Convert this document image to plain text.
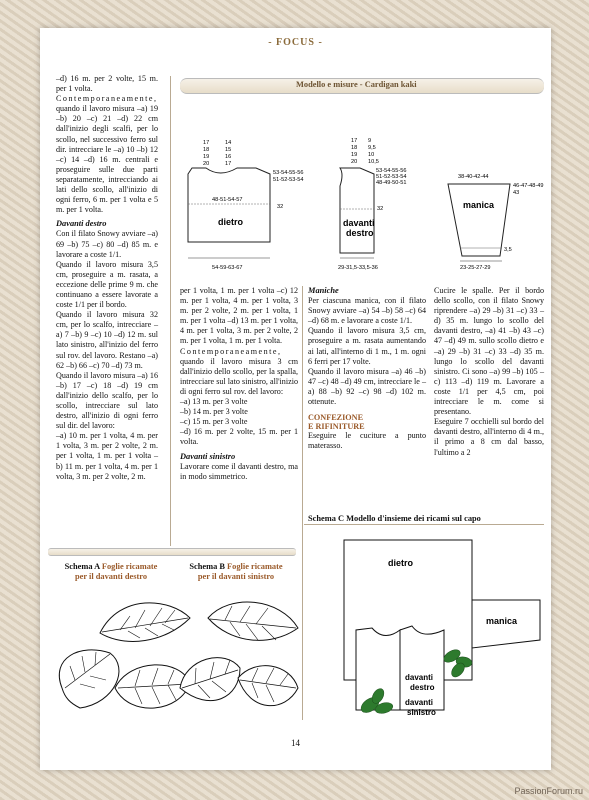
- FOCUS -

–d) 16 m. per 2 volte, 15 m. per 1 volta.

Contemporaneamente, quando il lavoro misura –a) 19 –b) 20 –c) 21 –d) 22 cm dall'inizio degli scalfi, per lo scollo, nel successivo ferro sul dir. intrecciare le –a) 10 –b) 12 –c) 14 –d) 16 m. centrali e proseguire sulle due parti separatamente, intrecciando ai lati dello scollo, all'inizio di ogni ferro, 6 m. per 1 volta e 5 m. per 1 volta.

Davanti destro

Con il filato Snowy avviare –a) 69 –b) 75 –c) 80 –d) 85 m. e lavorare a coste 1/1.

Quando il lavoro misura 3,5 cm, proseguire a m. rasata, a eccezione delle prime 9 m. che continuano a essere lavorate a coste 1/1 per il bordo.

Quando il lavoro misura 32 cm, per lo scalfo, intrecciare –a) 7 –b) 9 –c) 10 –d) 12 m. sul lato sinistro, all'inizio del ferro sul rov. del lavoro. Restano –a) 62 –b) 66 –c) 70 –d) 73 m.

Quando il lavoro misura –a) 16 –b) 17 –c) 18 –d) 19 cm dall'inizio dello scalfo, per lo scollo, intrecciare sul lato destro, all'inizio di ogni ferro sul dir. del lavoro:

–a) 10 m. per 1 volta, 4 m. per 1 volta, 3 m. per 2 volte, 2 m. per 1 volta, 1 m. per 1 volta –b) 11 m. per 1 volta, 4 m. per 1 volta, 3 m. per 2 volte, 2 m.

Modello e misure - Cardigan kaki
dietro
48-51-54-57
32
53-54-55-56
51-52-53-54
54-59-63-67
17
18
19
20
14
15
16
17
davanti
destro
32
53-54-55-56
51-52-53-54
48-49-50-51
29-31,5-33,5-36
17
18
19
20
9
9,5
10
10,5
manica
38-40-42-44
46-47-48-49
43
3,5
23-25-27-29

per 1 volta, 1 m. per 1 volta –c) 12 m. per 1 volta, 4 m. per 1 volta, 3 m. per 2 volte, 2 m. per 1 volta, 1 m. per 1 volta –d) 13 m. per 1 volta, 4 m. per 1 volta, 3 m. per 2 volte, 2 m. per 1 volta, 1 m. per 1 volta.

Contemporaneamente, quando il lavoro misura 3 cm dall'inizio dello scollo, per la spalla, intrecciare sul lato sinistro, all'inizio di ogni ferro sul rov. del lavoro:

–a) 13 m. per 3 volte

–b) 14 m. per 3 volte

–c) 15 m. per 3 volte

–d) 16 m. per 2 volte, 15 m. per 1 volta.

Davanti sinistro

Lavorare come il davanti destro, ma in modo simmetrico.

Maniche

Per ciascuna manica, con il filato Snowy avviare –a) 54 –b) 58 –c) 64 –d) 68 m. e lavorare a coste 1/1.

Quando il lavoro misura 3,5 cm, proseguire a m. rasata aumentando ai lati, all'interno di 1 m., 1 m. ogni 6 ferri per 17 volte.

Quando il lavoro misura –a) 46 –b) 47 –c) 48 –d) 49 cm, intrecciare le –a) 88 –b) 92 –c) 98 –d) 102 m. ottenute.

CONFEZIONE
E RIFINITURE

Eseguire le cuciture a punto materasso.

Cucire le spalle. Per il bordo dello scollo, con il filato Snowy riprendere –a) 29 –b) 31 –c) 33 –d) 35 m. lungo lo scollo del davanti destro, –a) 41 –b) 43 –c) 47 –d) 49 m. sullo scollo dietro e –a) 29 –b) 31 –c) 33 –d) 35 m. lungo lo scollo del davanti sinistro. Ci sono –a) 99 –b) 105 –c) 113 –d) 119 m. Lavorare a coste 1/1 per 4,5 cm, poi intrecciare le m. come si presentano.

Eseguire 7 occhielli sul bordo del davanti destro, all'interno di 4 m., il primo a 8 cm dal basso, l'ultimo a 2

Schema A Foglie ricamate
per il davanti destro
Schema B Foglie ricamate
per il davanti sinistro
Schema C Modello d'insieme dei ricami sul capo
dietro
manica
davanti
destro
davanti
sinistro
14
PassionForum.ru
